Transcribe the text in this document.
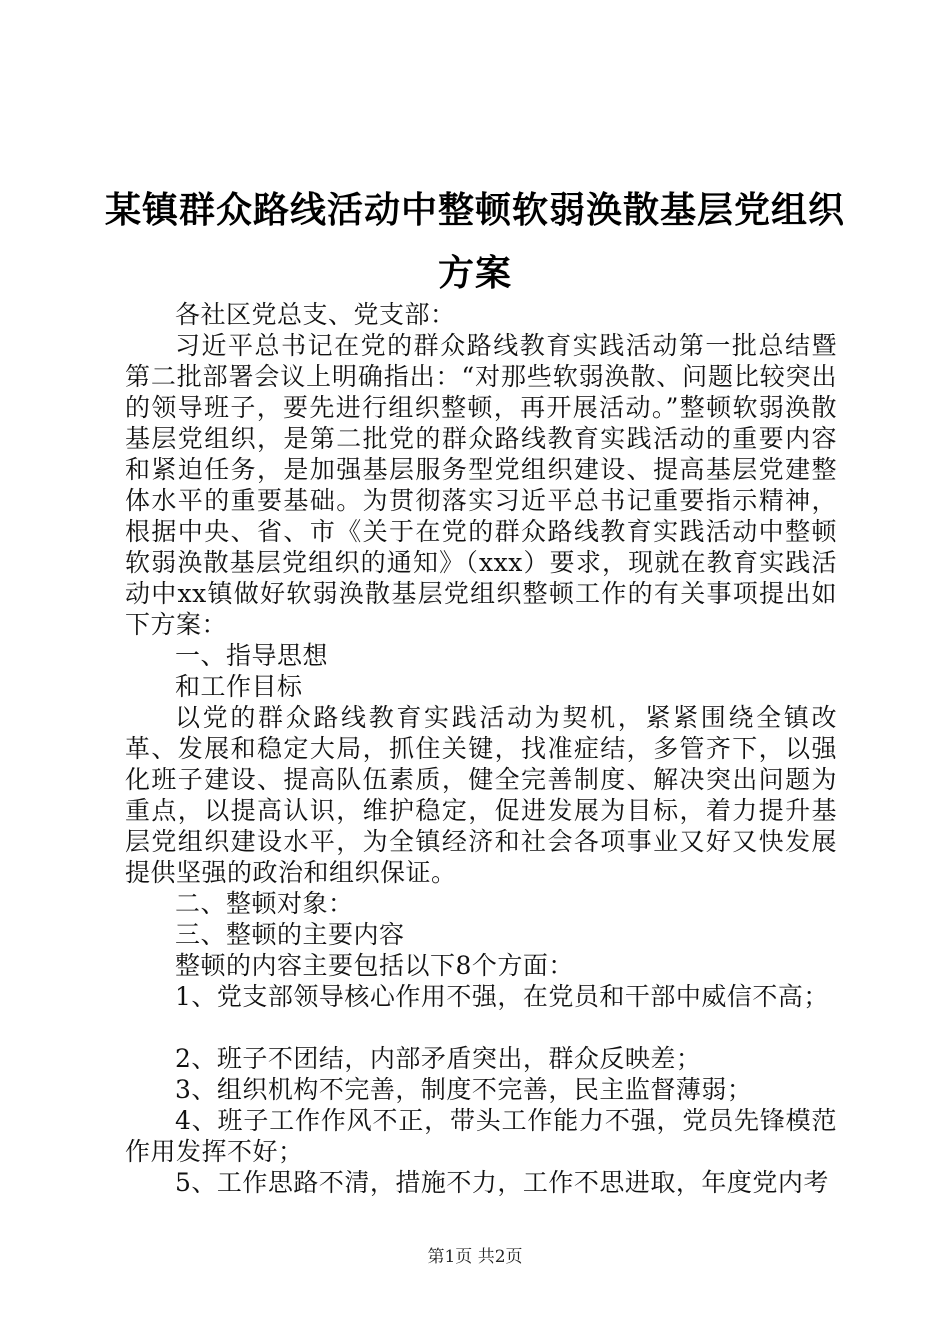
某镇群众路线活动中整顿软弱涣散基层党组织
方案

各社区党总支、党支部：

习近平总书记在党的群众路线教育实践活动第一批总结暨第二批部署会议上明确指出：“对那些软弱涣散、问题比较突出的领导班子，要先进行组织整顿，再开展活动。”整顿软弱涣散基层党组织，是第二批党的群众路线教育实践活动的重要内容和紧迫任务，是加强基层服务型党组织建设、提高基层党建整体水平的重要基础。为贯彻落实习近平总书记重要指示精神，根据中央、省、市《关于在党的群众路线教育实践活动中整顿软弱涣散基层党组织的通知》（xxx）要求，现就在教育实践活动中xx镇做好软弱涣散基层党组织整顿工作的有关事项提出如下方案：

一、指导思想

和工作目标

以党的群众路线教育实践活动为契机，紧紧围绕全镇改革、发展和稳定大局，抓住关键，找准症结，多管齐下，以强化班子建设、提高队伍素质，健全完善制度、解决突出问题为重点，以提高认识，维护稳定，促进发展为目标，着力提升基层党组织建设水平，为全镇经济和社会各项事业又好又快发展提供坚强的政治和组织保证。

二、整顿对象：

三、整顿的主要内容

整顿的内容主要包括以下8个方面：

1、党支部领导核心作用不强，在党员和干部中威信不高；

2、班子不团结，内部矛盾突出，群众反映差；

3、组织机构不完善，制度不完善，民主监督薄弱；

4、班子工作作风不正，带头工作能力不强，党员先锋模范作用发挥不好；

5、工作思路不清，措施不力，工作不思进取，年度党内考

第1页 共2页
